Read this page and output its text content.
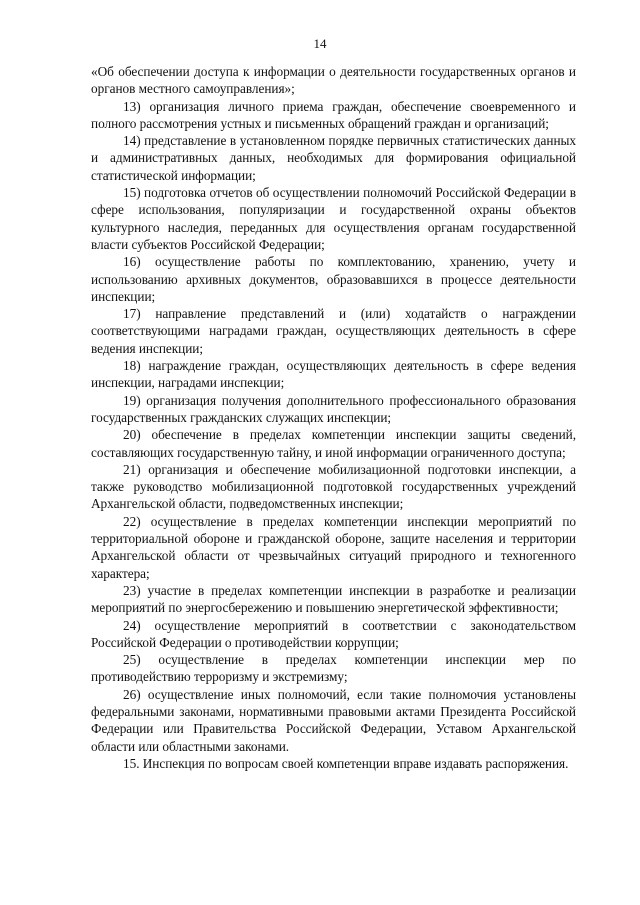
14

«Об обеспечении доступа к информации о деятельности государственных органов и органов местного самоуправления»;

13) организация личного приема граждан, обеспечение своевременного и полного рассмотрения устных и письменных обращений граждан и организаций;

14) представление в установленном порядке первичных статистических данных и административных данных, необходимых для формирования официальной статистической информации;

15) подготовка отчетов об осуществлении полномочий Российской Федерации в сфере использования, популяризации и государственной охраны объектов культурного наследия, переданных для осуществления органам государственной власти субъектов Российской Федерации;

16) осуществление работы по комплектованию, хранению, учету и использованию архивных документов, образовавшихся в процессе деятельности инспекции;

17) направление представлений и (или) ходатайств о награждении соответствующими наградами граждан, осуществляющих деятельность в сфере ведения инспекции;

18) награждение граждан, осуществляющих деятельность в сфере ведения инспекции, наградами инспекции;

19) организация получения дополнительного профессионального образования государственных гражданских служащих инспекции;

20) обеспечение в пределах компетенции инспекции защиты сведений, составляющих государственную тайну, и иной информации ограниченного доступа;

21) организация и обеспечение мобилизационной подготовки инспекции, а также руководство мобилизационной подготовкой государственных учреждений Архангельской области, подведомственных инспекции;

22) осуществление в пределах компетенции инспекции мероприятий по территориальной обороне и гражданской обороне, защите населения и территории Архангельской области от чрезвычайных ситуаций природного и техногенного характера;

23) участие в пределах компетенции инспекции в разработке и реализации мероприятий по энергосбережению и повышению энергетической эффективности;

24) осуществление мероприятий в соответствии с законодательством Российской Федерации о противодействии коррупции;

25) осуществление в пределах компетенции инспекции мер по противодействию терроризму и экстремизму;

26) осуществление иных полномочий, если такие полномочия установлены федеральными законами, нормативными правовыми актами Президента Российской Федерации или Правительства Российской Федерации, Уставом Архангельской области или областными законами.

15. Инспекция по вопросам своей компетенции вправе издавать распоряжения.
